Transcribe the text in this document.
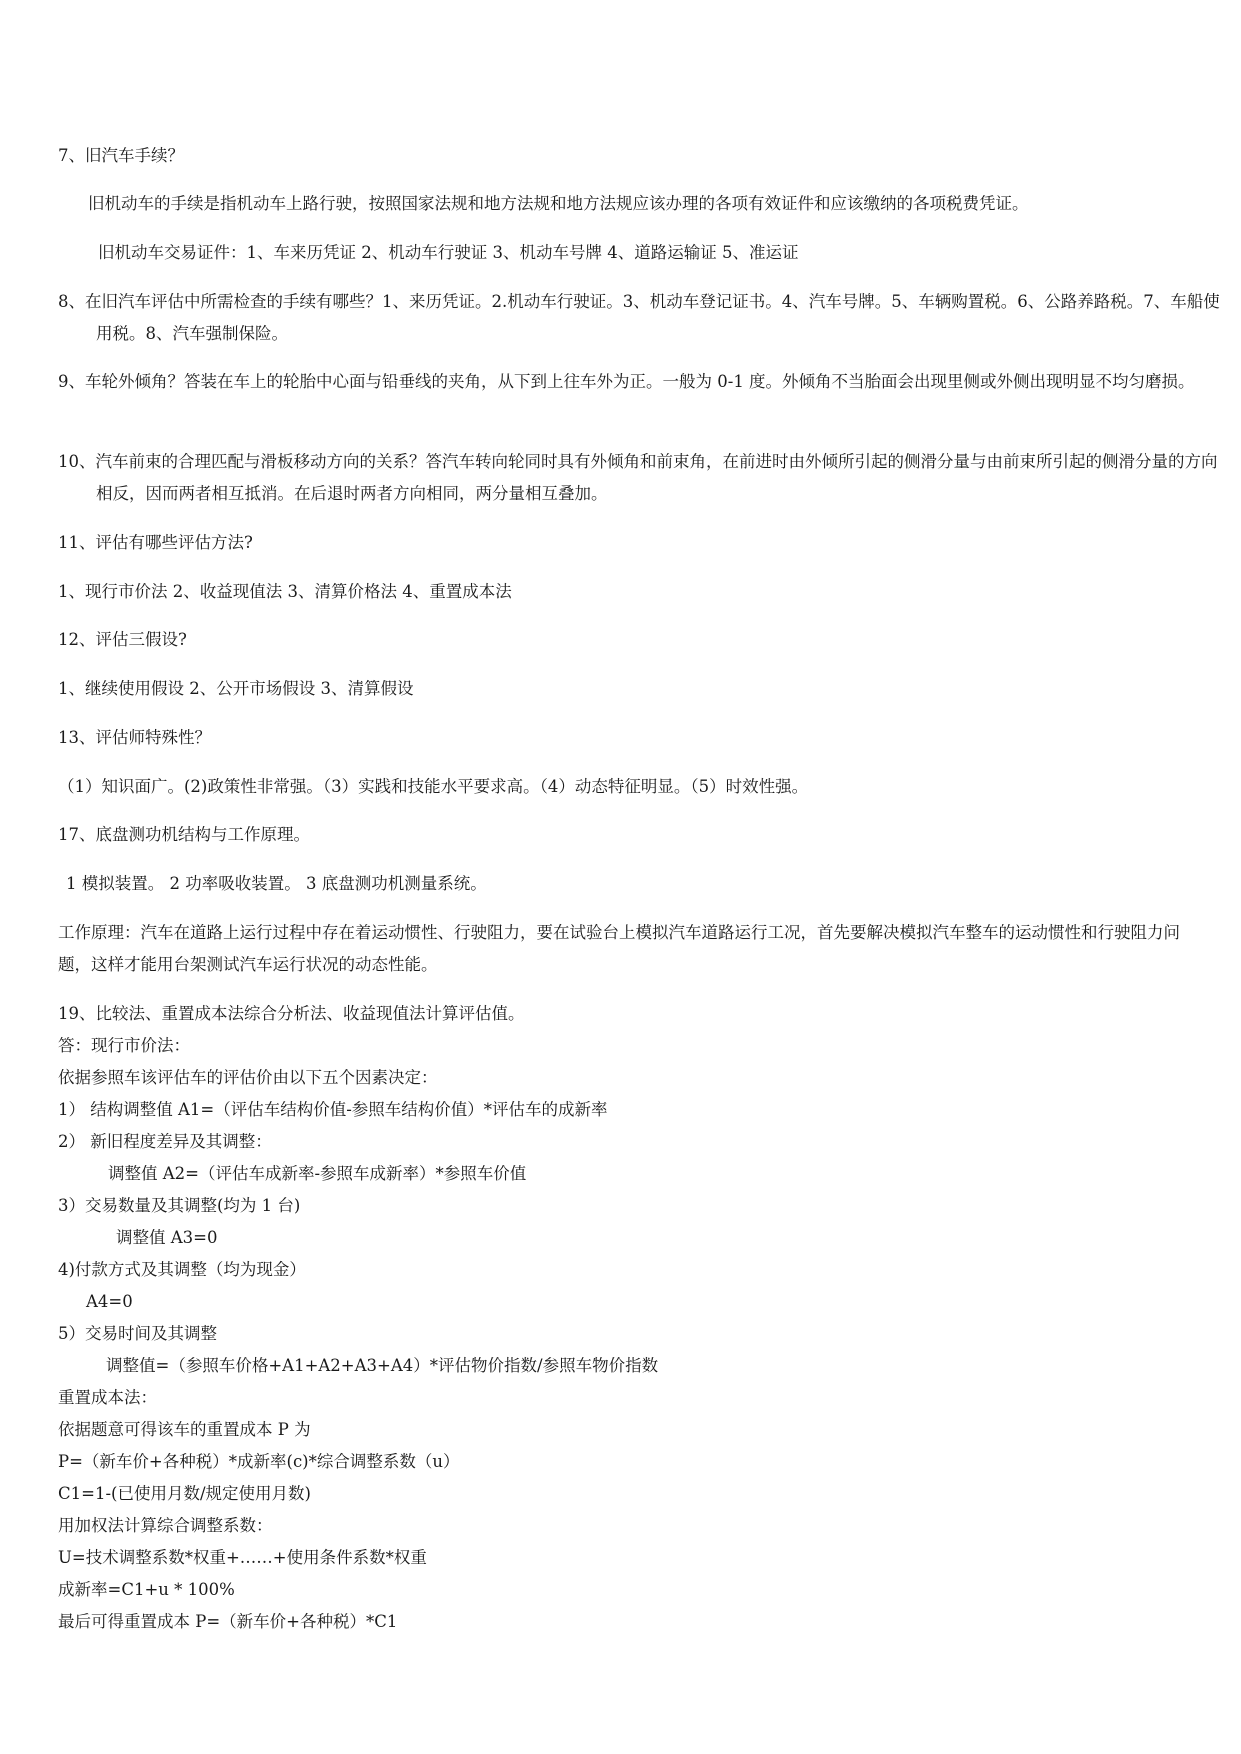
7、旧汽车手续？
旧机动车的手续是指机动车上路行驶，按照国家法规和地方法规和地方法规应该办理的各项有效证件和应该缴纳的各项税费凭证。
旧机动车交易证件：1、车来历凭证 2、机动车行驶证 3、机动车号牌 4、道路运输证 5、准运证
8、在旧汽车评估中所需检查的手续有哪些？1、来历凭证。2.机动车行驶证。3、机动车登记证书。4、汽车号牌。5、车辆购置税。6、公路养路税。7、车船使用税。8、汽车强制保险。
9、车轮外倾角？答装在车上的轮胎中心面与铅垂线的夹角，从下到上往车外为正。一般为 0-1 度。外倾角不当胎面会出现里侧或外侧出现明显不均匀磨损。
10、汽车前束的合理匹配与滑板移动方向的关系？答汽车转向轮同时具有外倾角和前束角，在前进时由外倾所引起的侧滑分量与由前束所引起的侧滑分量的方向相反，因而两者相互抵消。在后退时两者方向相同，两分量相互叠加。
11、评估有哪些评估方法?
1、现行市价法 2、收益现值法 3、清算价格法 4、重置成本法
12、评估三假设?
1、继续使用假设 2、公开市场假设 3、清算假设
13、评估师特殊性？
（1）知识面广。(2)政策性非常强。（3）实践和技能水平要求高。（4）动态特征明显。（5）时效性强。
17、底盘测功机结构与工作原理。
1 模拟装置。 2 功率吸收装置。 3 底盘测功机测量系统。
工作原理：汽车在道路上运行过程中存在着运动惯性、行驶阻力，要在试验台上模拟汽车道路运行工况，首先要解决模拟汽车整车的运动惯性和行驶阻力问题，这样才能用台架测试汽车运行状况的动态性能。
19、比较法、重置成本法综合分析法、收益现值法计算评估值。
答：现行市价法：
依据参照车该评估车的评估价由以下五个因素决定：
1） 结构调整值 A1=（评估车结构价值-参照车结构价值）*评估车的成新率
2） 新旧程度差异及其调整：
调整值 A2=（评估车成新率-参照车成新率）*参照车价值
3）交易数量及其调整(均为 1 台)
调整值 A3=0
4)付款方式及其调整（均为现金）
A4=0
5）交易时间及其调整
调整值=（参照车价格+A1+A2+A3+A4）*评估物价指数/参照车物价指数
重置成本法：
依据题意可得该车的重置成本 P 为
P=（新车价+各种税）*成新率(c)*综合调整系数（u）
C1=1-(已使用月数/规定使用月数)
用加权法计算综合调整系数：
U=技术调整系数*权重+……+使用条件系数*权重
成新率=C1+u * 100%
最后可得重置成本 P=（新车价+各种税）*C1
